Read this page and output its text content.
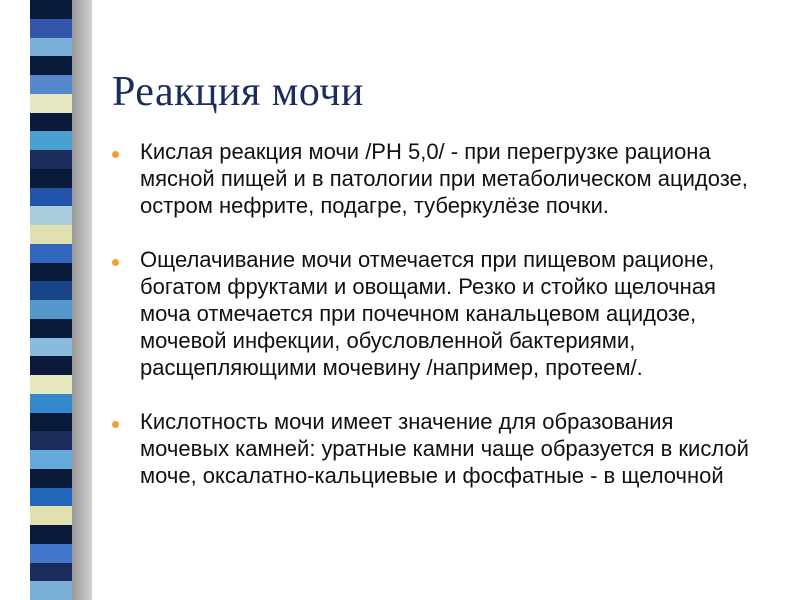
Реакция мочи
Кислая реакция мочи /PH 5,0/ - при перегрузке рациона мясной пищей и в патологии при метаболическом ацидозе, остром нефрите, подагре, туберкулёзе почки.
Ощелачивание мочи отмечается при пищевом рационе, богатом фруктами и овощами. Резко и стойко щелочная моча отмечается при почечном канальцевом ацидозе, мочевой инфекции, обусловленной бактериями, расщепляющими мочевину /например, протеем/.
Кислотность мочи имеет значение для образования мочевых камней: уратные камни чаще образуется в кислой моче, оксалатно-кальциевые и фосфатные - в щелочной
